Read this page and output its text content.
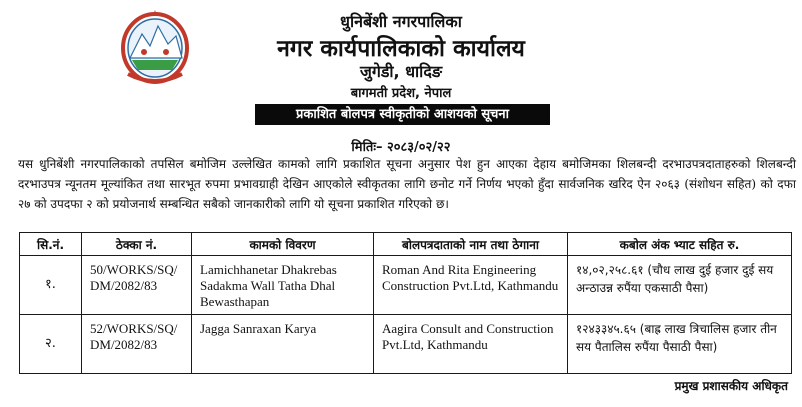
धुनिबेंशी नगरपालिका
नगर कार्यपालिकाको कार्यालय
जुगेडी, धादिङ
बागमती प्रदेश, नेपाल
प्रकाशित बोलपत्र स्वीकृतीको आशयको सूचना
मितिः– २०८३/०२/२२
यस धुनिबेंशी नगरपालिकाको तपसिल बमोजिम उल्लेखित कामको लागि प्रकाशित सूचना अनुसार पेश हुन आएका देहाय बमोजिमका शिलबन्दी दरभाउपत्रदाताहरुको शिलबन्दी दरभाउपत्र न्यूनतम मूल्यांकित तथा सारभूत रुपमा प्रभावग्राही देखिन आएकोले स्वीकृतका लागि छनोट गर्ने निर्णय भएको हुँदा सार्वजनिक खरिद ऐन २०६३ (संशोधन सहित) को दफा २७ को उपदफा २ को प्रयोजनार्थ सम्बन्धित सबैको जानकारीको लागि यो सूचना प्रकाशित गरिएको छ।
सि.नं.	ठेक्का नं.	कामको विवरण	बोलपत्रदाताको नाम तथा ठेगाना	कबोल अंक भ्याट सहित रु.
१.	50/WORKS/SQ/ DM/2082/83	Lamichhanetar Dhakrebas Sadakma Wall Tatha Dhal Bewasthapan	Roman And Rita Engineering Construction Pvt.Ltd, Kathmandu	१४,०२,२५८.६१ (चौध लाख दुई हजार दुई सय अन्ठाउन्न रुपैंया एकसाठी पैसा)
२.	52/WORKS/SQ/ DM/2082/83	Jagga Sanraxan Karya	Aagira Consult and Construction Pvt.Ltd, Kathmandu	१२४३३४५.६५ (बाह्र लाख त्रिचालिस हजार तीन सय पैतालिस रुपैंया पैसाठी पैसा)
प्रमुख प्रशासकीय अधिकृत
